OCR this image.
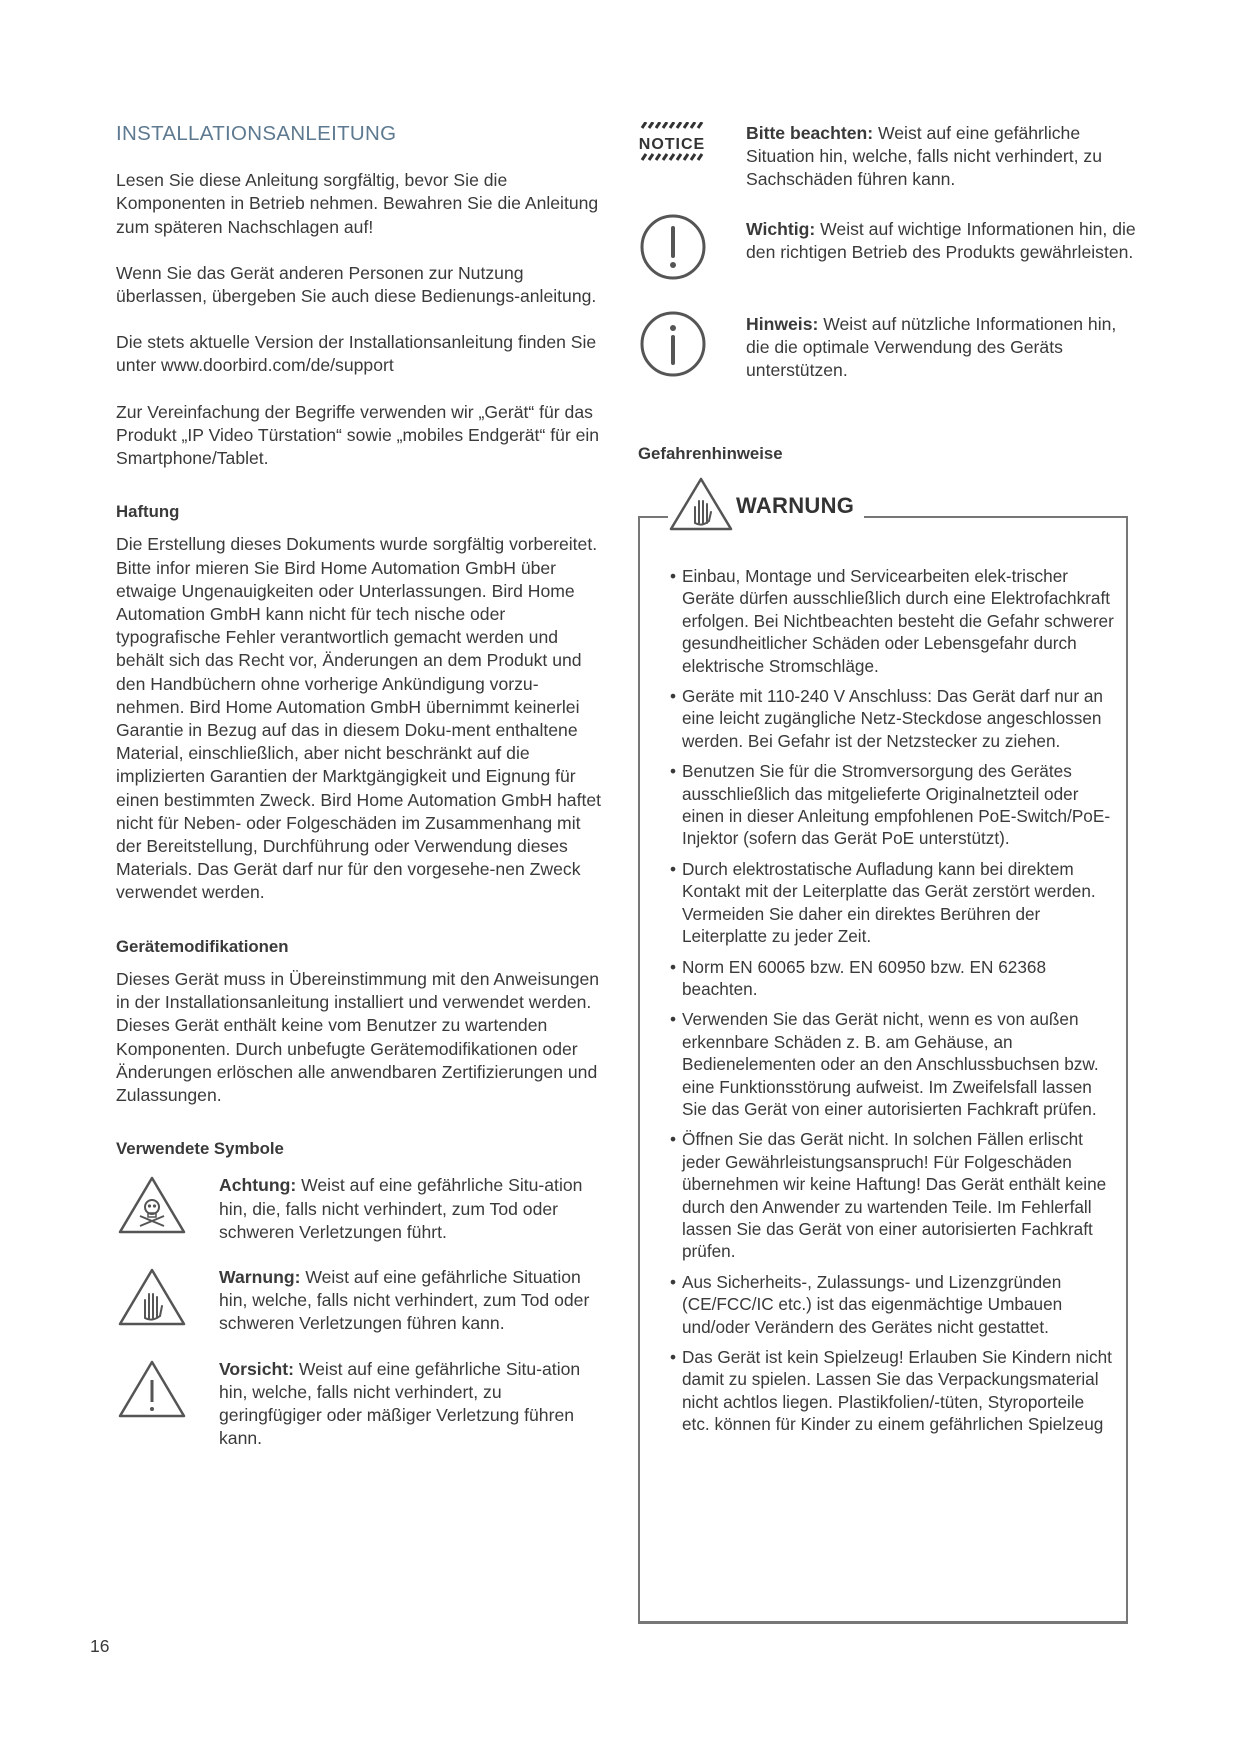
INSTALLATIONSANLEITUNG

Lesen Sie diese Anleitung sorgfältig, bevor Sie die Komponenten in Betrieb nehmen. Bewahren Sie die Anleitung zum späteren Nachschlagen auf!

Wenn Sie das Gerät anderen Personen zur Nutzung überlassen, übergeben Sie auch diese Bedienungs-anleitung.

Die stets aktuelle Version der Installationsanleitung finden Sie unter www.doorbird.com/de/support

Zur Vereinfachung der Begriffe verwenden wir „Gerät“ für das Produkt „IP Video Türstation“ sowie „mobiles Endgerät“ für ein Smartphone/Tablet.

Haftung

Die Erstellung dieses Dokuments wurde sorgfältig vorbereitet. Bitte infor mieren Sie Bird Home Automation GmbH über etwaige Ungenauigkeiten oder Unterlassungen. Bird Home Automation GmbH kann nicht für tech nische oder typografische Fehler verantwortlich gemacht werden und behält sich das Recht vor, Änderungen an dem Produkt und den Handbüchern ohne vorherige Ankündigung vorzu-nehmen. Bird Home Automation GmbH übernimmt keinerlei Garantie in Bezug auf das in diesem Doku-ment enthaltene Material, einschließlich, aber nicht beschränkt auf die implizierten Garantien der Marktgängigkeit und Eignung für einen bestimmten Zweck. Bird Home Automation GmbH haftet nicht für Neben- oder Folgeschäden im Zusammenhang mit der Bereitstellung, Durchführung oder Verwendung dieses Materials. Das Gerät darf nur für den vorgesehe-nen Zweck verwendet werden.

Gerätemodifikationen

Dieses Gerät muss in Übereinstimmung mit den Anweisungen in der Installationsanleitung installiert und verwendet werden. Dieses Gerät enthält keine vom Benutzer zu wartenden Komponenten. Durch unbefugte Gerätemodifikationen oder Änderungen erlöschen alle anwendbaren Zertifizierungen und Zulassungen.

Verwendete Symbole

Achtung: Weist auf eine gefährliche Situ-ation hin, die, falls nicht verhindert, zum Tod oder schweren Verletzungen führt.

Warnung: Weist auf eine gefährliche Situation hin, welche, falls nicht verhindert, zum Tod oder schweren Verletzungen führen kann.

Vorsicht: Weist auf eine gefährliche Situ-ation hin, welche, falls nicht verhindert, zu geringfügiger oder mäßiger Verletzung führen kann.

NOTICE

Bitte beachten: Weist auf eine gefährliche Situation hin, welche, falls nicht verhindert, zu Sachschäden führen kann.

Wichtig: Weist auf wichtige Informationen hin, die den richtigen Betrieb des Produkts gewährleisten.

Hinweis: Weist auf nützliche Informationen hin, die die optimale Verwendung des Geräts unterstützen.

Gefahrenhinweise

WARNUNG
• Einbau, Montage und Servicearbeiten elek-trischer Geräte dürfen ausschließlich durch eine Elektrofachkraft erfolgen. Bei Nichtbeachten besteht die Gefahr schwerer gesundheitlicher Schäden oder Lebensgefahr durch elektrische Stromschläge.
• Geräte mit 110-240 V Anschluss: Das Gerät darf nur an eine leicht zugängliche Netz-Steckdose angeschlossen werden. Bei Gefahr ist der Netzstecker zu ziehen.
• Benutzen Sie für die Stromversorgung des Gerätes ausschließlich das mitgelieferte Originalnetzteil oder einen in dieser Anleitung empfohlenen PoE-Switch/PoE-Injektor (sofern das Gerät PoE unterstützt).
• Durch elektrostatische Aufladung kann bei direktem Kontakt mit der Leiterplatte das Gerät zerstört werden. Vermeiden Sie daher ein direktes Berühren der Leiterplatte zu jeder Zeit.
• Norm EN 60065 bzw. EN 60950 bzw. EN 62368 beachten.
• Verwenden Sie das Gerät nicht, wenn es von außen erkennbare Schäden z. B. am Gehäuse, an Bedienelementen oder an den Anschlussbuchsen bzw. eine Funktionsstörung aufweist. Im Zweifelsfall lassen Sie das Gerät von einer autorisierten Fachkraft prüfen.
• Öffnen Sie das Gerät nicht. In solchen Fällen erlischt jeder Gewährleistungsanspruch! Für Folgeschäden übernehmen wir keine Haftung! Das Gerät enthält keine durch den Anwender zu wartenden Teile. Im Fehlerfall lassen Sie das Gerät von einer autorisierten Fachkraft prüfen.
• Aus Sicherheits-, Zulassungs- und Lizenzgründen (CE/FCC/IC etc.) ist das eigenmächtige Umbauen und/oder Verändern des Gerätes nicht gestattet.
• Das Gerät ist kein Spielzeug! Erlauben Sie Kindern nicht damit zu spielen. Lassen Sie das Verpackungsmaterial nicht achtlos liegen. Plastikfolien/-tüten, Styroporteile etc. können für Kinder zu einem gefährlichen Spielzeug
16
